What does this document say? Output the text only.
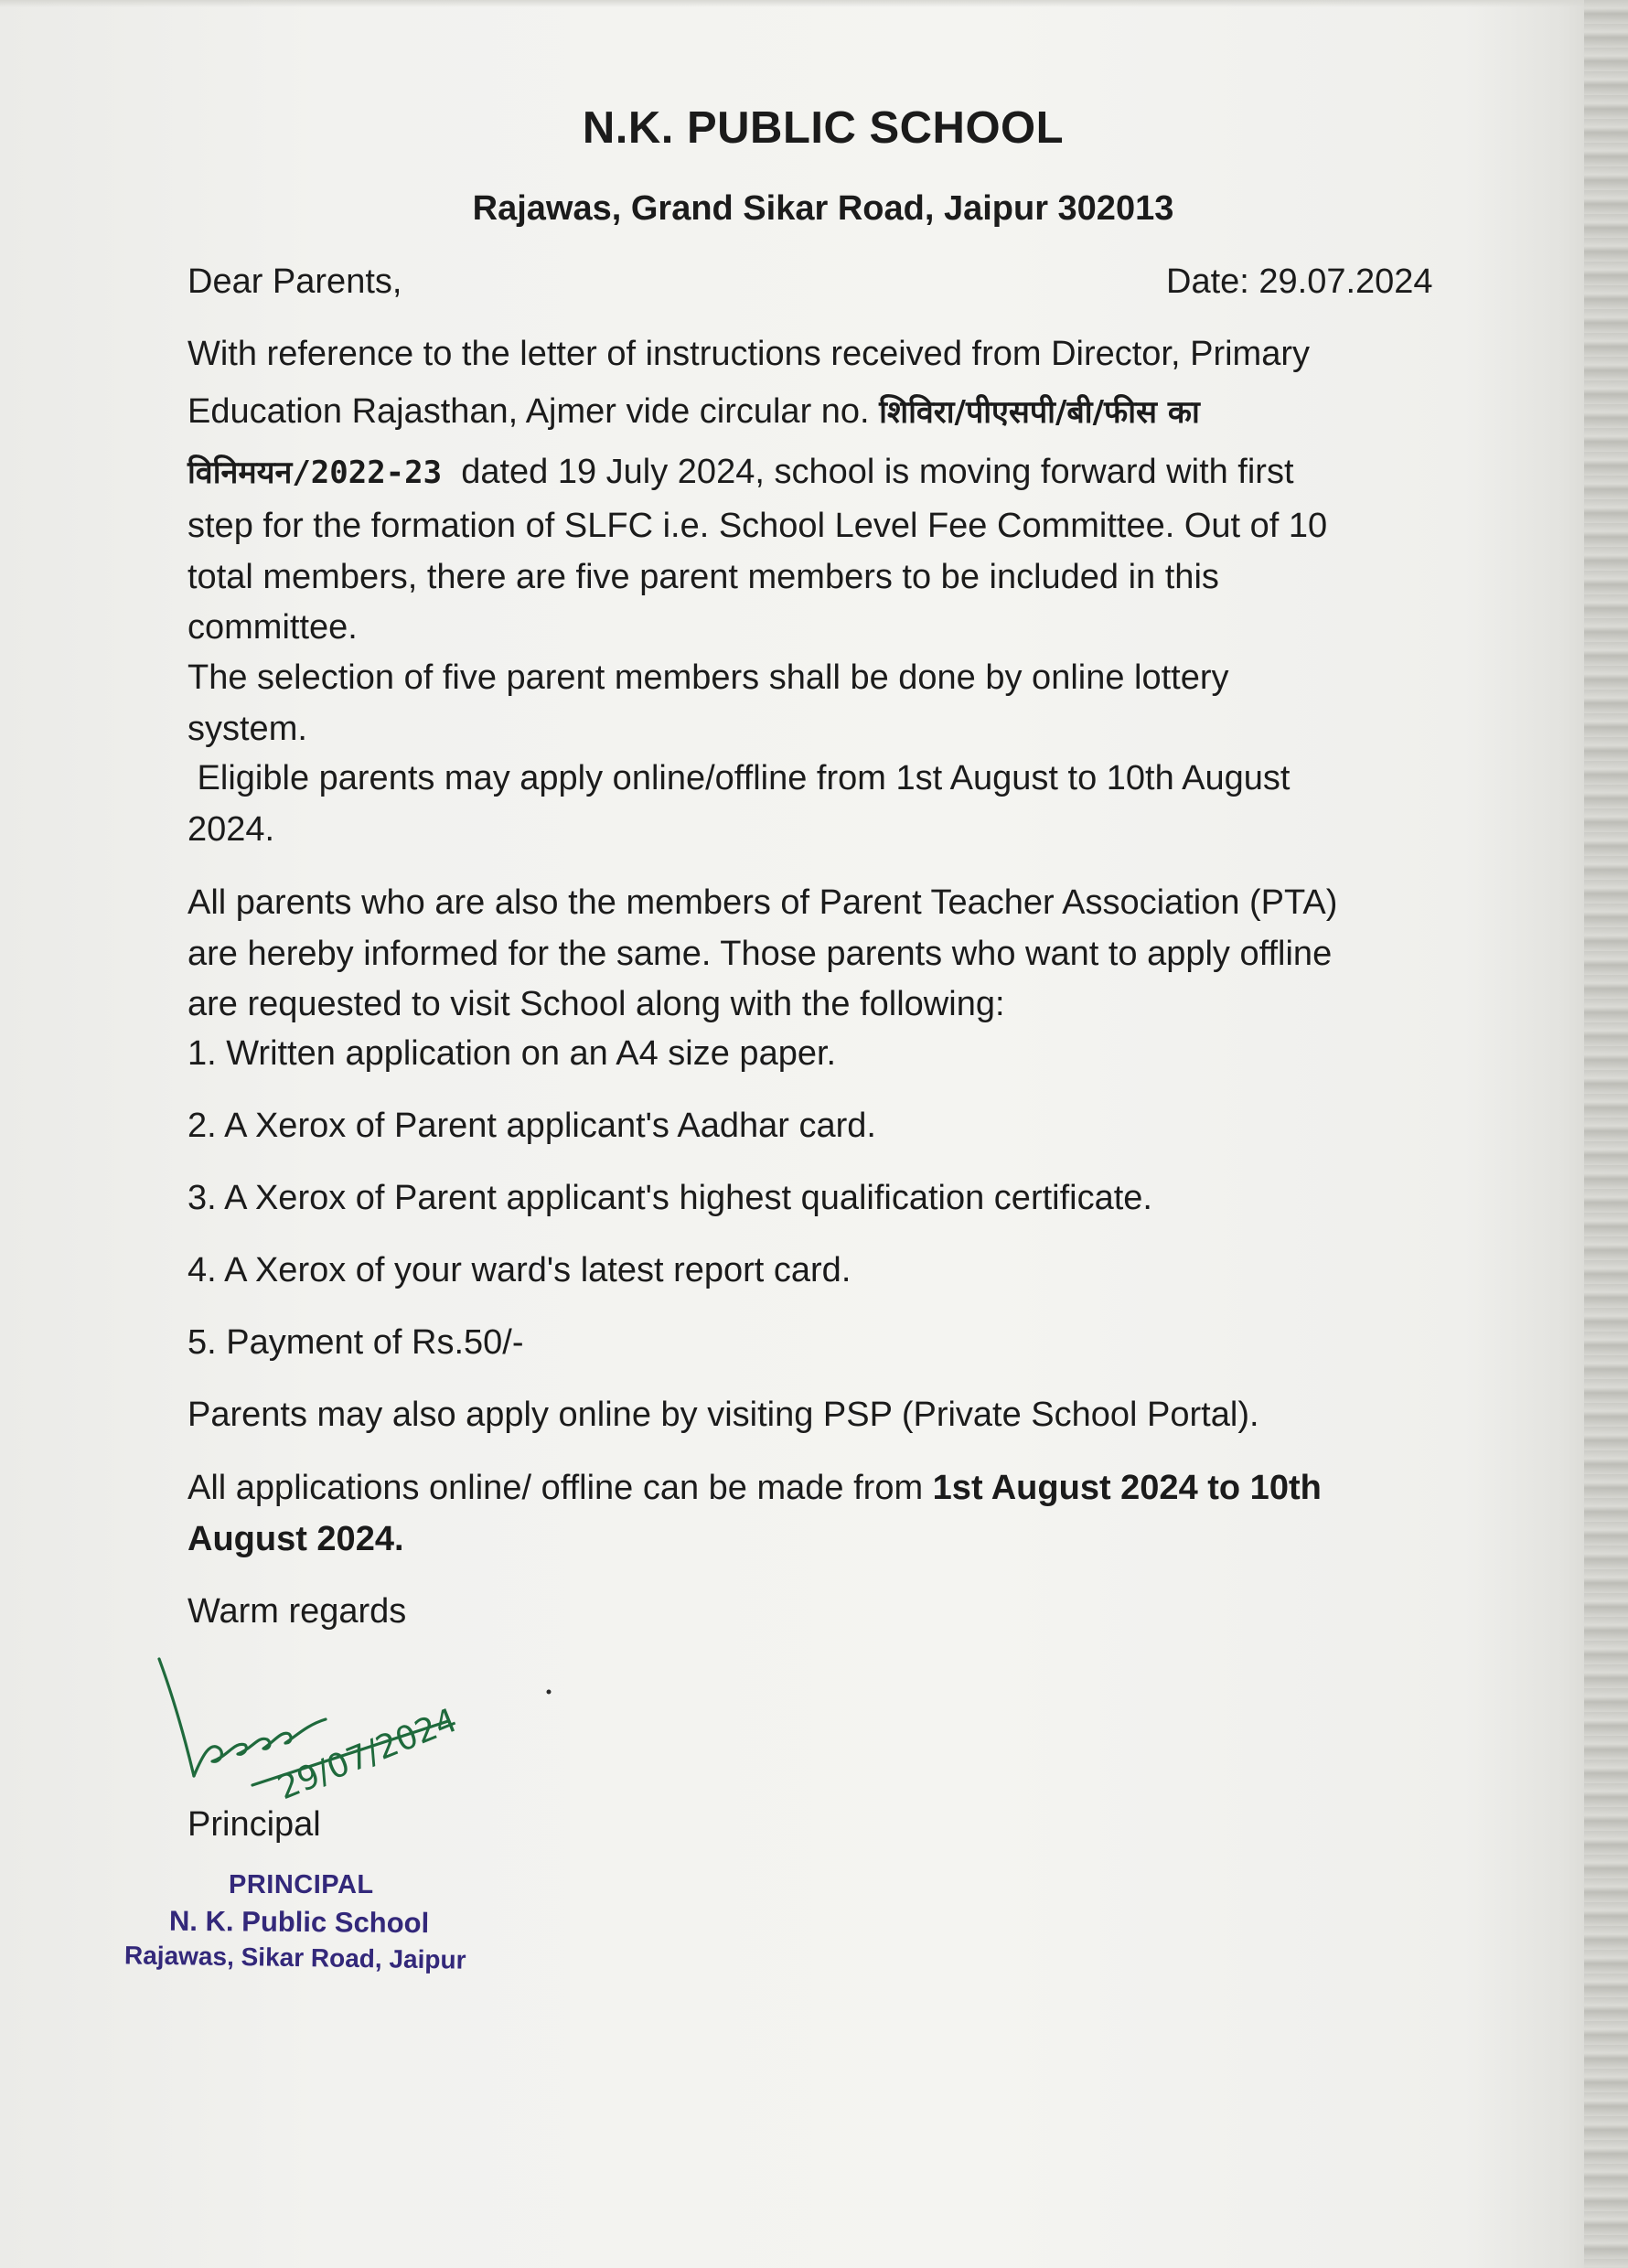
N.K. PUBLIC SCHOOL
Rajawas, Grand Sikar Road, Jaipur 302013
Dear Parents,	Date: 29.07.2024
With reference to the letter of instructions received from Director, Primary
Education Rajasthan, Ajmer vide circular no. शिविरा/पीएसपी/बी/फीस का
विनिमयन/2022-23  dated 19 July 2024, school is moving forward with first
step for the formation of SLFC i.e. School Level Fee Committee. Out of 10
total members, there are five parent members to be included in this
committee.
The selection of five parent members shall be done by online lottery
system.
Eligible parents may apply online/offline from 1st August to 10th August
2024.
All parents who are also the members of Parent Teacher Association (PTA)
are hereby informed for the same. Those parents who want to apply offline
are requested to visit School along with the following:
1. Written application on an A4 size paper.
2. A Xerox of Parent applicant's Aadhar card.
3. A Xerox of Parent applicant's highest qualification certificate.
4. A Xerox of your ward's latest report card.
5. Payment of Rs.50/-
Parents may also apply online by visiting PSP (Private School Portal).
All applications online/ offline can be made from 1st August 2024 to 10th
August 2024.
Warm regards
29/07/2024
Principal
PRINCIPAL
N. K. Public School
Rajawas, Sikar Road, Jaipur
